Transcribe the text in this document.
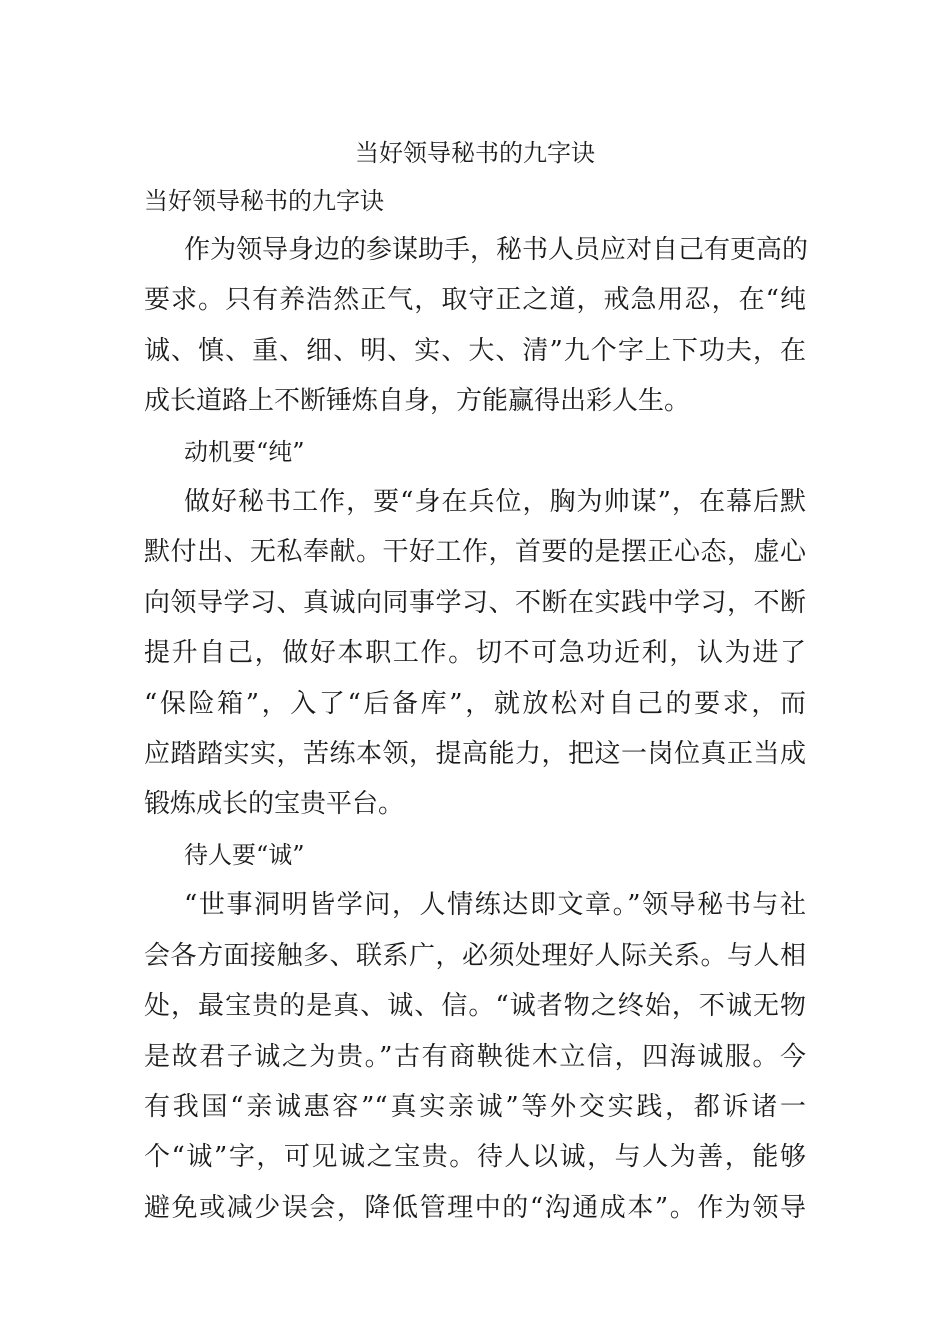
当好领导秘书的九字诀
当好领导秘书的九字诀

作为领导身边的参谋助手，秘书人员应对自己有更高的
要求。只有养浩然正气，取守正之道，戒急用忍，在“纯
诚、慎、重、细、明、实、大、清”九个字上下功夫，在
成长道路上不断锤炼自身，方能赢得出彩人生。

动机要“纯”

做好秘书工作，要“身在兵位，胸为帅谋”，在幕后默
默付出、无私奉献。干好工作，首要的是摆正心态，虚心
向领导学习、真诚向同事学习、不断在实践中学习，不断
提升自己，做好本职工作。切不可急功近利，认为进了
“保险箱”，入了“后备库”，就放松对自己的要求，而
应踏踏实实，苦练本领，提高能力，把这一岗位真正当成
锻炼成长的宝贵平台。

待人要“诚”

“世事洞明皆学问，人情练达即文章。”领导秘书与社
会各方面接触多、联系广，必须处理好人际关系。与人相
处，最宝贵的是真、诚、信。“诚者物之终始，不诚无物
是故君子诚之为贵。”古有商鞅徙木立信，四海诚服。今
有我国“亲诚惠容”“真实亲诚”等外交实践，都诉诸一
个“诚”字，可见诚之宝贵。待人以诚，与人为善，能够
避免或减少误会，降低管理中的“沟通成本”。作为领导
